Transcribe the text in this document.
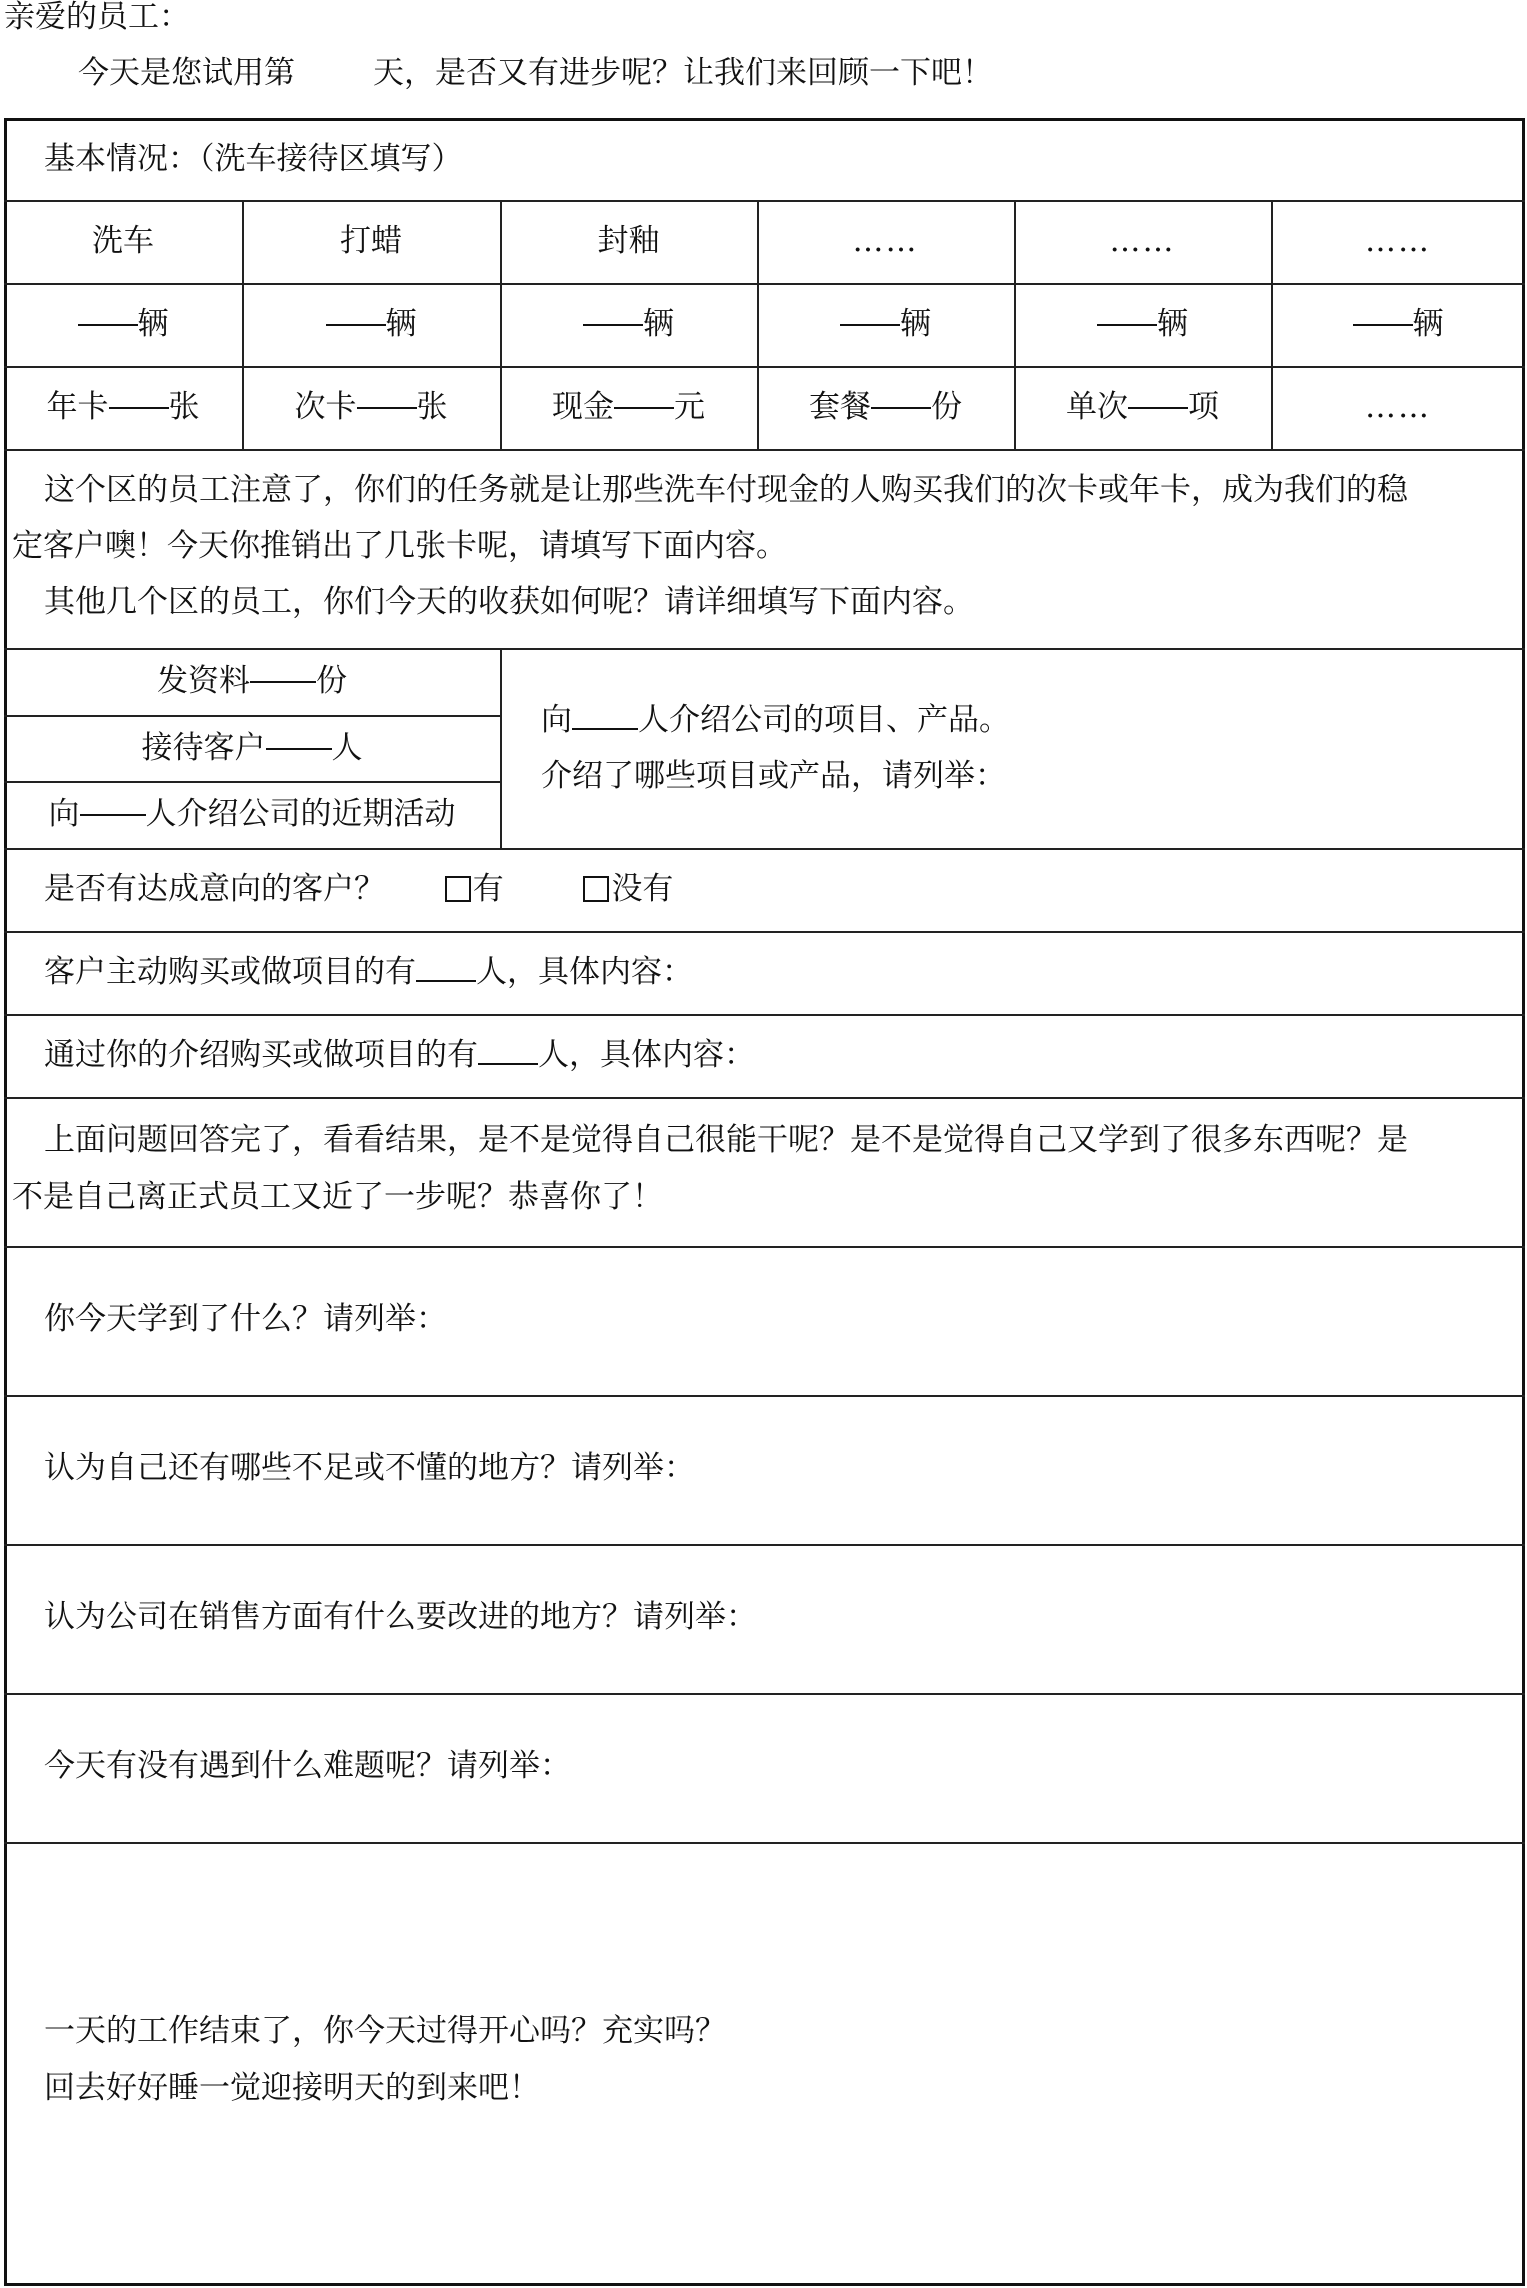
亲爱的员工：
今天是您试用第	天，是否又有进步呢？让我们来回顾一下吧！
基本情况：（洗车接待区填写）
洗车	打蜡	封釉	……	……	……
辆	辆	辆	辆	辆	辆
年卡 张	次卡 张	现金 元	套餐 份	单次 项	……
这个区的员工注意了，你们的任务就是让那些洗车付现金的人购买我们的次卡或年卡，成为我们的稳
定客户噢！今天你推销出了几张卡呢，请填写下面内容。
其他几个区的员工，你们今天的收获如何呢？请详细填写下面内容。
发资料 份
接待客户 人
向 人介绍公司的近期活动
向 人介绍公司的项目、产品。
介绍了哪些项目或产品，请列举：
是否有达成意向的客户？	有	没有
客户主动购买或做项目的有 人，具体内容：
通过你的介绍购买或做项目的有 人，具体内容：
上面问题回答完了，看看结果，是不是觉得自己很能干呢？是不是觉得自己又学到了很多东西呢？是
不是自己离正式员工又近了一步呢？恭喜你了！
你今天学到了什么？请列举：
认为自己还有哪些不足或不懂的地方？请列举：
认为公司在销售方面有什么要改进的地方？请列举：
今天有没有遇到什么难题呢？请列举：
一天的工作结束了，你今天过得开心吗？充实吗？
回去好好睡一觉迎接明天的到来吧！
